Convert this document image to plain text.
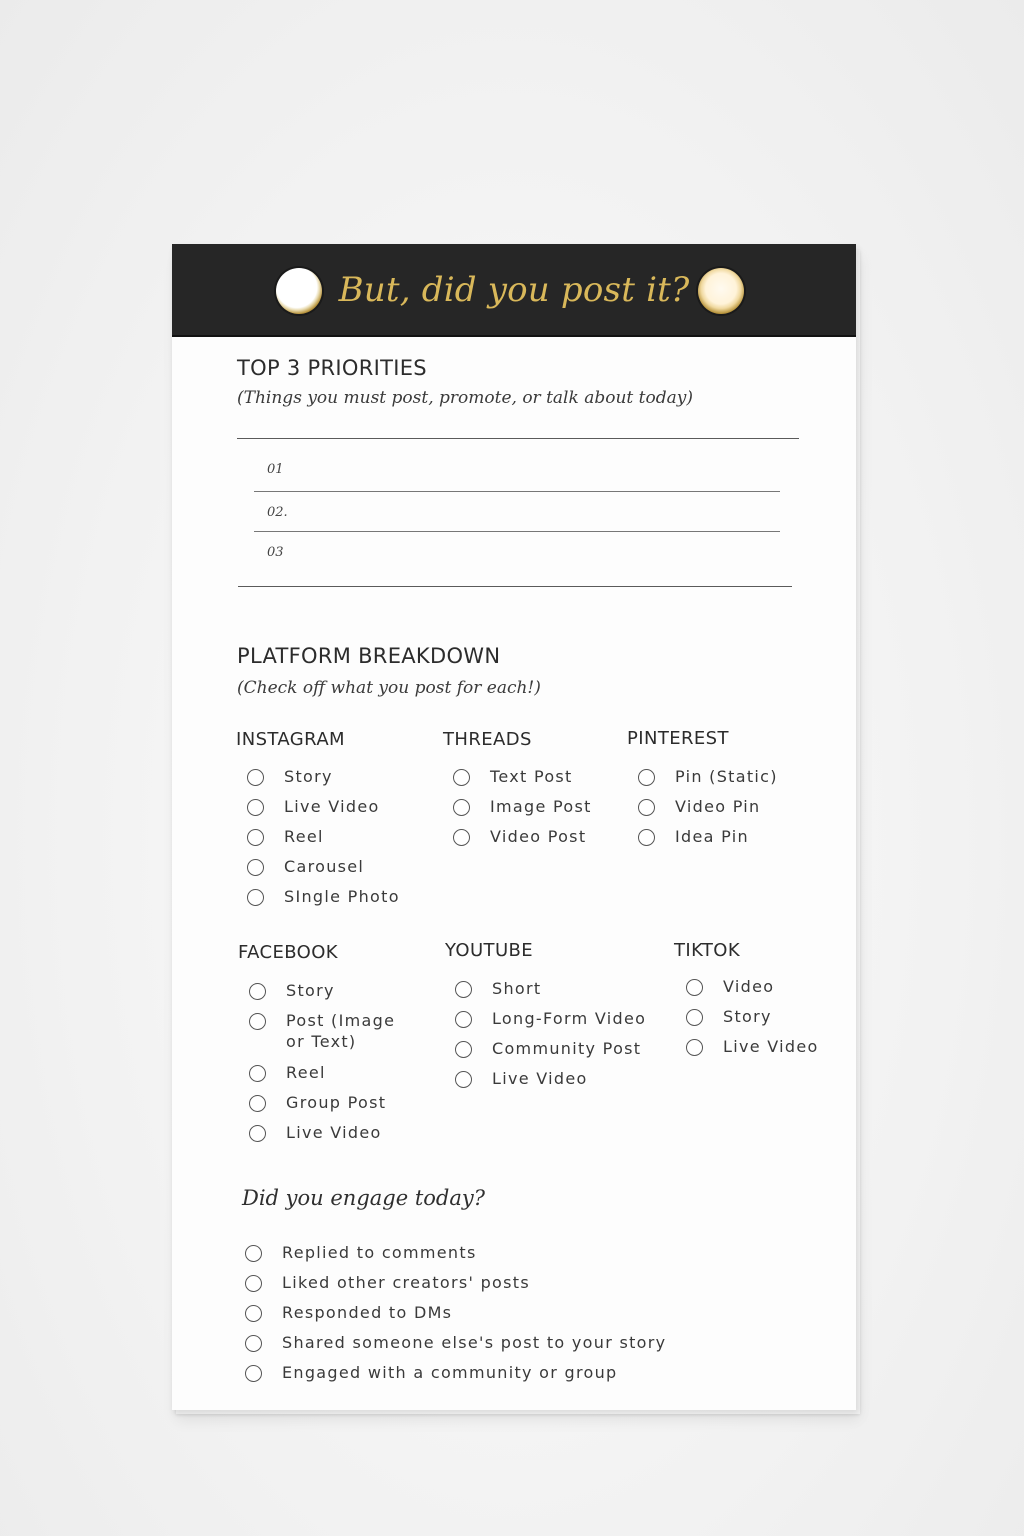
But, did you post it?
TOP 3 PRIORITIES
(Things you must post, promote, or talk about today)
01
02.
03
PLATFORM BREAKDOWN
(Check off what you post for each!)
INSTAGRAM
Story
Live Video
Reel
Carousel
SIngle Photo
THREADS
Text Post
Image Post
Video Post
PINTEREST
Pin (Static)
Video Pin
Idea Pin
FACEBOOK
Story
Post (Image or Text)
Reel
Group Post
Live Video
YOUTUBE
Short
Long-Form Video
Community Post
Live Video
TIKTOK
Video
Story
Live Video
Did you engage today?
Replied to comments
Liked other creators' posts
Responded to DMs
Shared someone else's post to your story
Engaged with a community or group
